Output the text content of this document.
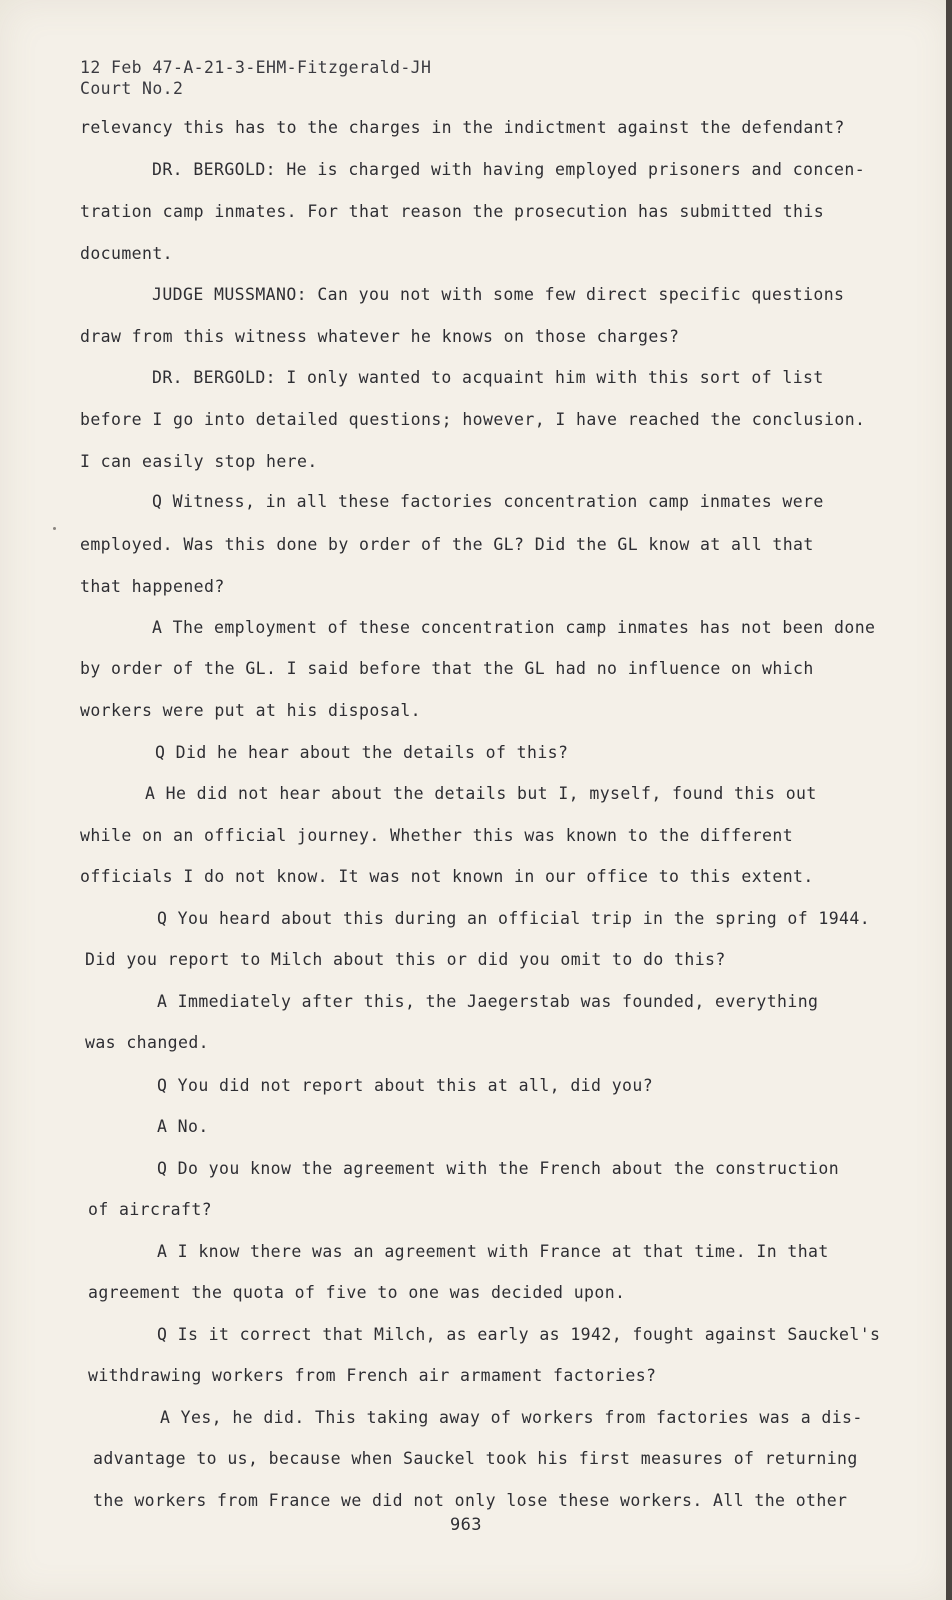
12 Feb 47-A-21-3-EHM-Fitzgerald-JH
Court No.2
relevancy this has to the charges in the indictment against the defendant?
DR. BERGOLD: He is charged with having employed prisoners and concen-
tration camp inmates. For that reason the prosecution has submitted this
document.
JUDGE MUSSMANO: Can you not with some few direct specific questions
draw from this witness whatever he knows on those charges?
DR. BERGOLD: I only wanted to acquaint him with this sort of list
before I go into detailed questions; however, I have reached the conclusion.
I can easily stop here.
Q Witness, in all these factories concentration camp inmates were
employed. Was this done by order of the GL? Did the GL know at all that
that happened?
A The employment of these concentration camp inmates has not been done
by order of the GL. I said before that the GL had no influence on which
workers were put at his disposal.
Q Did he hear about the details of this?
A He did not hear about the details but I, myself, found this out
while on an official journey. Whether this was known to the different
officials I do not know. It was not known in our office to this extent.
Q You heard about this during an official trip in the spring of 1944.
Did you report to Milch about this or did you omit to do this?
A Immediately after this, the Jaegerstab was founded, everything
was changed.
Q You did not report about this at all, did you?
A No.
Q Do you know the agreement with the French about the construction
of aircraft?
A I know there was an agreement with France at that time. In that
agreement the quota of five to one was decided upon.
Q Is it correct that Milch, as early as 1942, fought against Sauckel's
withdrawing workers from French air armament factories?
A Yes, he did. This taking away of workers from factories was a dis-
advantage to us, because when Sauckel took his first measures of returning
the workers from France we did not only lose these workers. All the other
963
